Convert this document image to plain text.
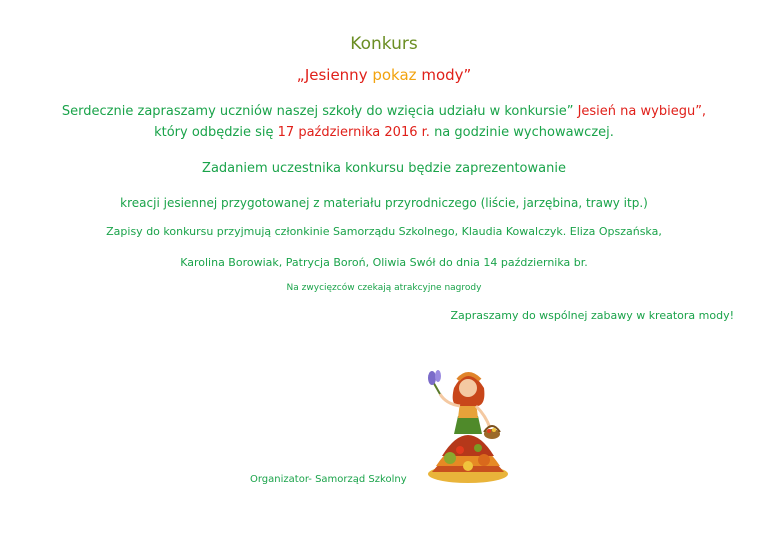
Konkurs
„Jesienny pokaz mody”
Serdecznie zapraszamy uczniów naszej szkoły do wzięcia udziału w konkursie” Jesień na wybiegu”,
który odbędzie się 17 października 2016 r. na godzinie wychowawczej.
Zadaniem uczestnika konkursu będzie zaprezentowanie
kreacji jesiennej przygotowanej z materiału przyrodniczego (liście, jarzębina, trawy itp.)
Zapisy do konkursu przyjmują członkinie Samorządu Szkolnego, Klaudia Kowalczyk. Eliza Opszańska,
Karolina Borowiak, Patrycja Boroń, Oliwia Swół do dnia 14 października br.
Na zwycięzców czekają atrakcyjne nagrody
Zapraszamy do wspólnej zabawy w kreatora mody!
Organizator- Samorząd Szkolny
